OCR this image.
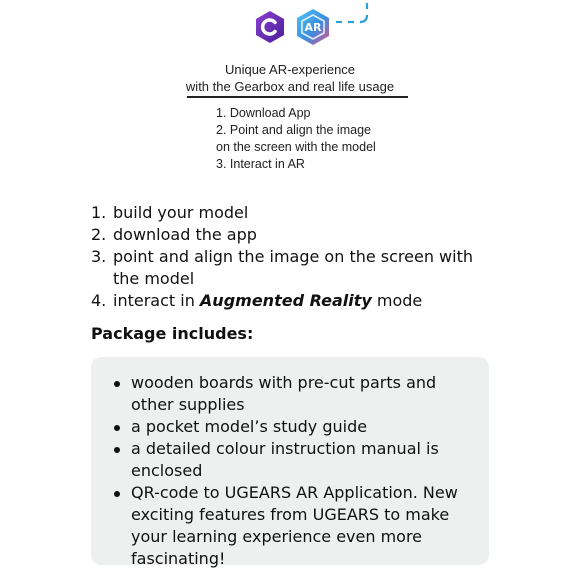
AR
Unique AR-experience
with the Gearbox and real life usage
1. Download App
2. Point and align the image
on the screen with the model
3. Interact in AR
1. build your model
2. download the app
3. point and align the image on the screen with the model
4. interact in Augmented Reality mode
Package includes:
wooden boards with pre-cut parts and other supplies
a pocket model’s study guide
a detailed colour instruction manual is enclosed
QR-code to UGEARS AR Application. New exciting features from UGEARS to make your learning experience even more fascinating!
